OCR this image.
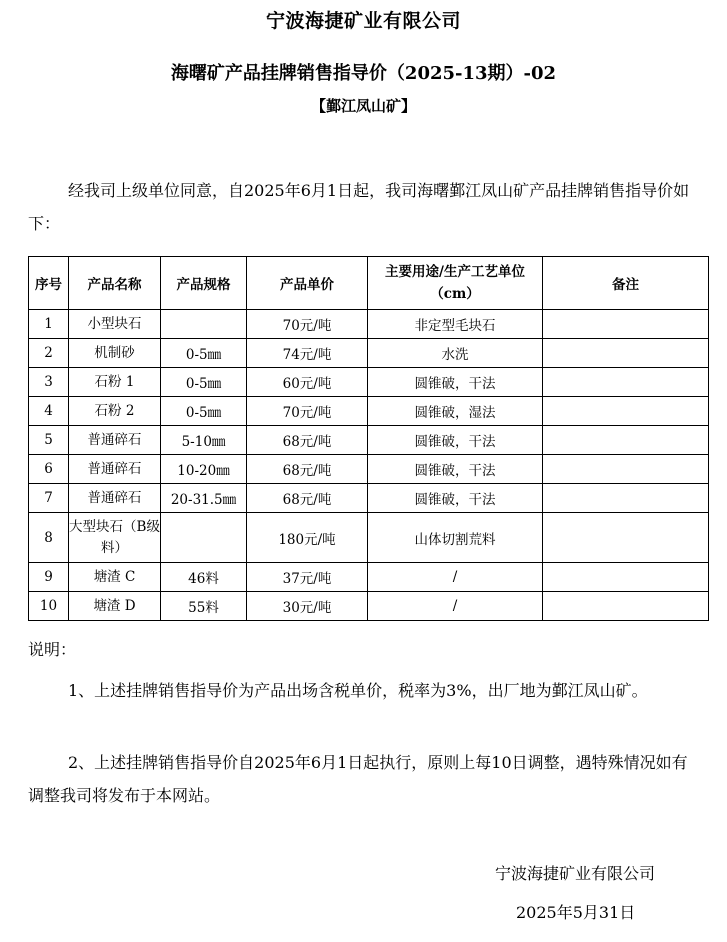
宁波海捷矿业有限公司
海曙矿产品挂牌销售指导价（2025-13期）-02
【鄞江凤山矿】

经我司上级单位同意，自2025年6月1日起，我司海曙鄞江凤山矿产品挂牌销售指导价如下：

序号	产品名称	产品规格	产品单价	主要用途/生产工艺单位（cm）	备注
1	小型块石		70元/吨	非定型毛块石	
2	机制砂	0-5㎜	74元/吨	水洗	
3	石粉 1	0-5㎜	60元/吨	圆锥破，干法	
4	石粉 2	0-5㎜	70元/吨	圆锥破，湿法	
5	普通碎石	5-10㎜	68元/吨	圆锥破，干法	
6	普通碎石	10-20㎜	68元/吨	圆锥破，干法	
7	普通碎石	20-31.5㎜	68元/吨	圆锥破，干法	
8	大型块石（B级料）		180元/吨	山体切割荒料	
9	塘渣 C	46料	37元/吨	/	
10	塘渣 D	55料	30元/吨	/	
说明：

1、上述挂牌销售指导价为产品出场含税单价，税率为3%，出厂地为鄞江凤山矿。

2、上述挂牌销售指导价自2025年6月1日起执行，原则上每10日调整，遇特殊情况如有调整我司将发布于本网站。

宁波海捷矿业有限公司
2025年5月31日
